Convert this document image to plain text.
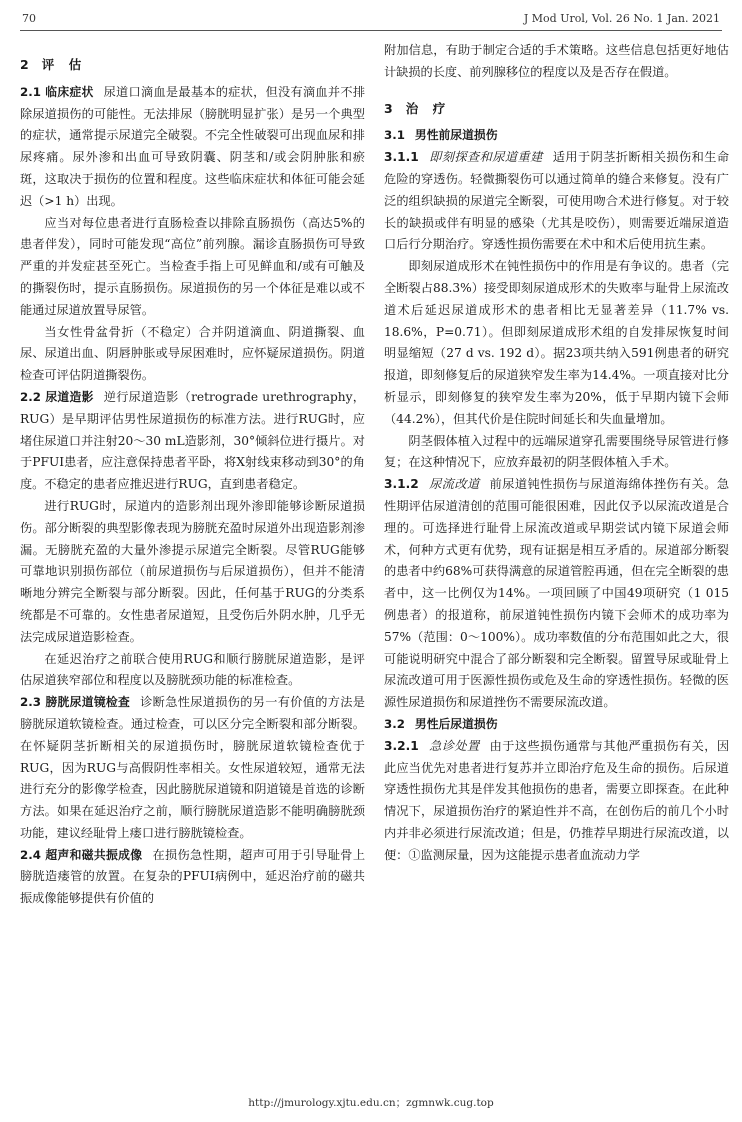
70	J Mod Urol, Vol. 26 No. 1 Jan. 2021
2 评　估

2.1 临床症状 尿道口滴血是最基本的症状，但没有滴血并不排除尿道损伤的可能性。无法排尿（膀胱明显扩张）是另一个典型的症状，通常提示尿道完全破裂。不完全性破裂可出现血尿和排尿疼痛。尿外渗和出血可导致阴囊、阴茎和/或会阴肿胀和瘀斑，这取决于损伤的位置和程度。这些临床症状和体征可能会延迟（>1 h）出现。

应当对每位患者进行直肠检查以排除直肠损伤（高达5%的患者伴发），同时可能发现“高位”前列腺。漏诊直肠损伤可导致严重的并发症甚至死亡。当检查手指上可见鲜血和/或有可触及的撕裂伤时，提示直肠损伤。尿道损伤的另一个体征是难以或不能通过尿道放置导尿管。

当女性骨盆骨折（不稳定）合并阴道滴血、阴道撕裂、血尿、尿道出血、阴唇肿胀或导尿困难时，应怀疑尿道损伤。阴道检查可评估阴道撕裂伤。

2.2 尿道造影 逆行尿道造影（retrograde urethrography，RUG）是早期评估男性尿道损伤的标准方法。进行RUG时，应堵住尿道口并注射20～30 mL造影剂，30°倾斜位进行摄片。对于PFUI患者，应注意保持患者平卧，将X射线束移动到30°的角度。不稳定的患者应推迟进行RUG，直到患者稳定。

进行RUG时，尿道内的造影剂出现外渗即能够诊断尿道损伤。部分断裂的典型影像表现为膀胱充盈时尿道外出现造影剂渗漏。无膀胱充盈的大量外渗提示尿道完全断裂。尽管RUG能够可靠地识别损伤部位（前尿道损伤与后尿道损伤），但并不能清晰地分辨完全断裂与部分断裂。因此，任何基于RUG的分类系统都是不可靠的。女性患者尿道短，且受伤后外阴水肿，几乎无法完成尿道造影检查。

在延迟治疗之前联合使用RUG和顺行膀胱尿道造影，是评估尿道狭窄部位和程度以及膀胱颈功能的标准检查。

2.3 膀胱尿道镜检查 诊断急性尿道损伤的另一有价值的方法是膀胱尿道软镜检查。通过检查，可以区分完全断裂和部分断裂。在怀疑阴茎折断相关的尿道损伤时，膀胱尿道软镜检查优于RUG，因为RUG与高假阴性率相关。女性尿道较短，通常无法进行充分的影像学检查，因此膀胱尿道镜和阴道镜是首选的诊断方法。如果在延迟治疗之前，顺行膀胱尿道造影不能明确膀胱颈功能，建议经耻骨上瘘口进行膀胱镜检查。

2.4 超声和磁共振成像 在损伤急性期，超声可用于引导耻骨上膀胱造瘘管的放置。在复杂的PFUI病例中，延迟治疗前的磁共振成像能够提供有价值的

附加信息，有助于制定合适的手术策略。这些信息包括更好地估计缺损的长度、前列腺移位的程度以及是否存在假道。

3 治　疗
3.1 男性前尿道损伤

3.1.1 即刻探查和尿道重建 适用于阴茎折断相关损伤和生命危险的穿透伤。轻微撕裂伤可以通过简单的缝合来修复。没有广泛的组织缺损的尿道完全断裂，可使用吻合术进行修复。对于较长的缺损或伴有明显的感染（尤其是咬伤），则需要近端尿道造口后行分期治疗。穿透性损伤需要在术中和术后使用抗生素。

即刻尿道成形术在钝性损伤中的作用是有争议的。患者（完全断裂占88.3%）接受即刻尿道成形术的失败率与耻骨上尿流改道术后延迟尿道成形术的患者相比无显著差异（11.7% vs. 18.6%，P=0.71）。但即刻尿道成形术组的自发排尿恢复时间明显缩短（27 d vs. 192 d）。据23项共纳入591例患者的研究报道，即刻修复后的尿道狭窄发生率为14.4%。一项直接对比分析显示，即刻修复的狭窄发生率为20%，低于早期内镜下会师（44.2%），但其代价是住院时间延长和失血量增加。

阴茎假体植入过程中的远端尿道穿孔需要围绕导尿管进行修复；在这种情况下，应放弃最初的阴茎假体植入手术。

3.1.2 尿流改道 前尿道钝性损伤与尿道海绵体挫伤有关。急性期评估尿道清创的范围可能很困难，因此仅予以尿流改道是合理的。可选择进行耻骨上尿流改道或早期尝试内镜下尿道会师术，何种方式更有优势，现有证据是相互矛盾的。尿道部分断裂的患者中约68%可获得满意的尿道管腔再通，但在完全断裂的患者中，这一比例仅为14%。一项回顾了中国49项研究（1 015例患者）的报道称，前尿道钝性损伤内镜下会师术的成功率为57%（范围：0～100%）。成功率数值的分布范围如此之大，很可能说明研究中混合了部分断裂和完全断裂。留置导尿或耻骨上尿流改道可用于医源性损伤或危及生命的穿透性损伤。轻微的医源性尿道损伤和尿道挫伤不需要尿流改道。

3.2 男性后尿道损伤

3.2.1 急诊处置 由于这些损伤通常与其他严重损伤有关，因此应当优先对患者进行复苏并立即治疗危及生命的损伤。后尿道穿透性损伤尤其是伴发其他损伤的患者，需要立即探查。在此种情况下，尿道损伤治疗的紧迫性并不高，在创伤后的前几个小时内并非必须进行尿流改道；但是，仍推荐早期进行尿流改道，以便：①监测尿量，因为这能提示患者血流动力学

http://jmurology.xjtu.edu.cn；zgmnwk.cug.top
